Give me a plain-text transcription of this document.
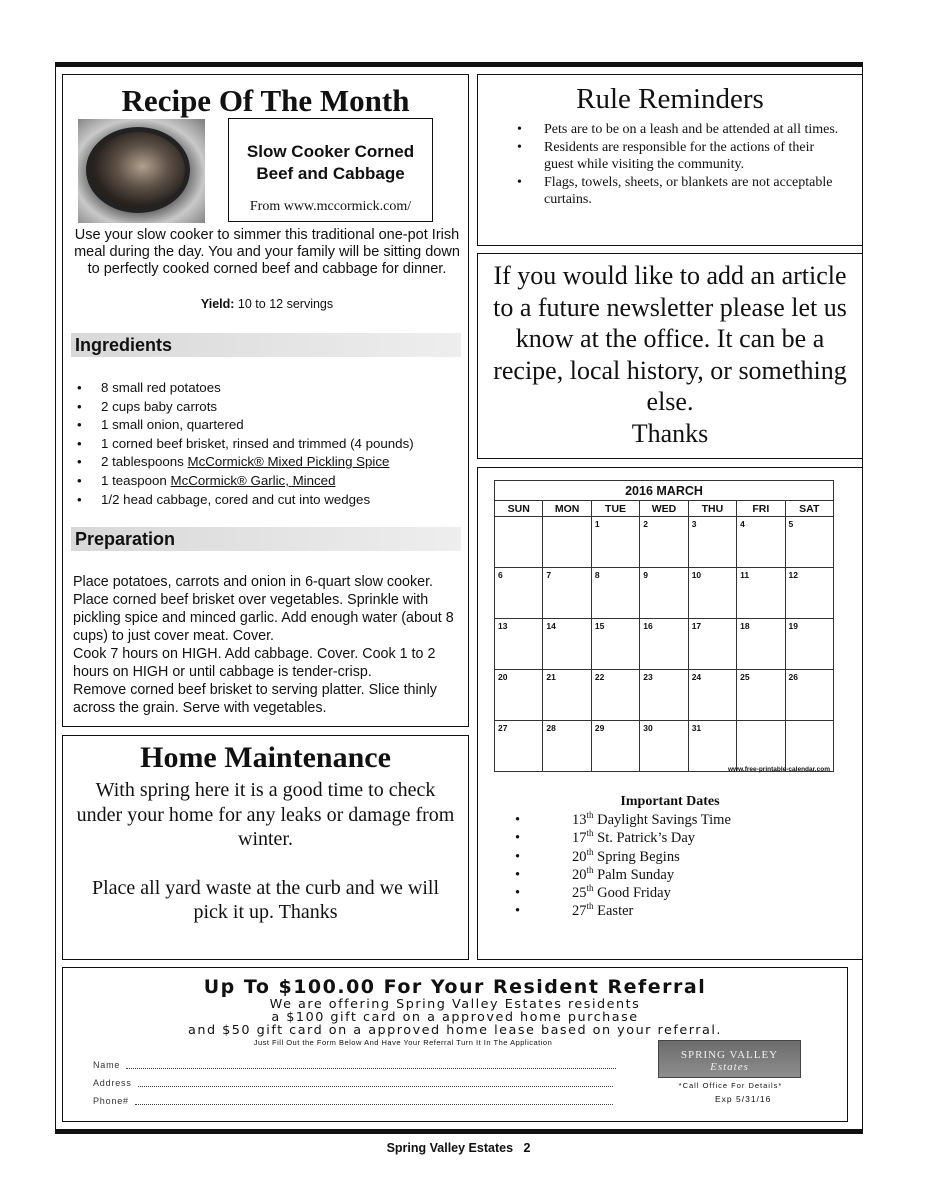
Recipe Of The Month
Slow Cooker Corned Beef and Cabbage
From www.mccormick.com/
Use your slow cooker to simmer this traditional one-pot Irish meal during the day. You and your family will be sitting down to perfectly cooked corned beef and cabbage for dinner.
Yield: 10 to 12 servings
Ingredients
• 8 small red potatoes
• 2 cups baby carrots
• 1 small onion, quartered
• 1 corned beef brisket, rinsed and trimmed (4 pounds)
• 2 tablespoons McCormick® Mixed Pickling Spice
• 1 teaspoon McCormick® Garlic, Minced
• 1/2 head cabbage, cored and cut into wedges
Preparation
Place potatoes, carrots and onion in 6-quart slow cooker. Place corned beef brisket over vegetables. Sprinkle with pickling spice and minced garlic. Add enough water (about 8 cups) to just cover meat. Cover.
Cook 7 hours on HIGH. Add cabbage. Cover. Cook 1 to 2 hours on HIGH or until cabbage is tender-crisp.
Remove corned beef brisket to serving platter. Slice thinly across the grain. Serve with vegetables.
Home Maintenance
With spring here it is a good time to check under your home for any leaks or damage from winter.
Place all yard waste at the curb and we will pick it up. Thanks
Rule Reminders
• Pets are to be on a leash and be attended at all times.
• Residents are responsible for the actions of their guest while visiting the community.
• Flags, towels, sheets, or blankets are not acceptable curtains.
If you would like to add an article to a future newsletter please let us know at the office. It can be a recipe, local history, or something else.
Thanks
2016 MARCH						
SUN	MON	TUE	WED	THU	FRI	SAT
		1	2	3	4	5
6	7	8	9	10	11	12
13	14	15	16	17	18	19
20	21	22	23	24	25	26
27	28	29	30	31		
www.free-printable-calendar.com
Important Dates
• 13th Daylight Savings Time
• 17th St. Patrick’s Day
• 20th Spring Begins
• 20th Palm Sunday
• 25th Good Friday
• 27th Easter
Up To $100.00 For Your Resident Referral
We are offering Spring Valley Estates residents
a $100 gift card on a approved home purchase
and $50 gift card on a approved home lease based on your referral.
Just Fill Out the Form Below And Have Your Referral Turn It In The Application
Name
Address
Phone#
SPRING VALLEY
Estates
*Call Office For Details*
Exp 5/31/16
Spring Valley Estates   2
